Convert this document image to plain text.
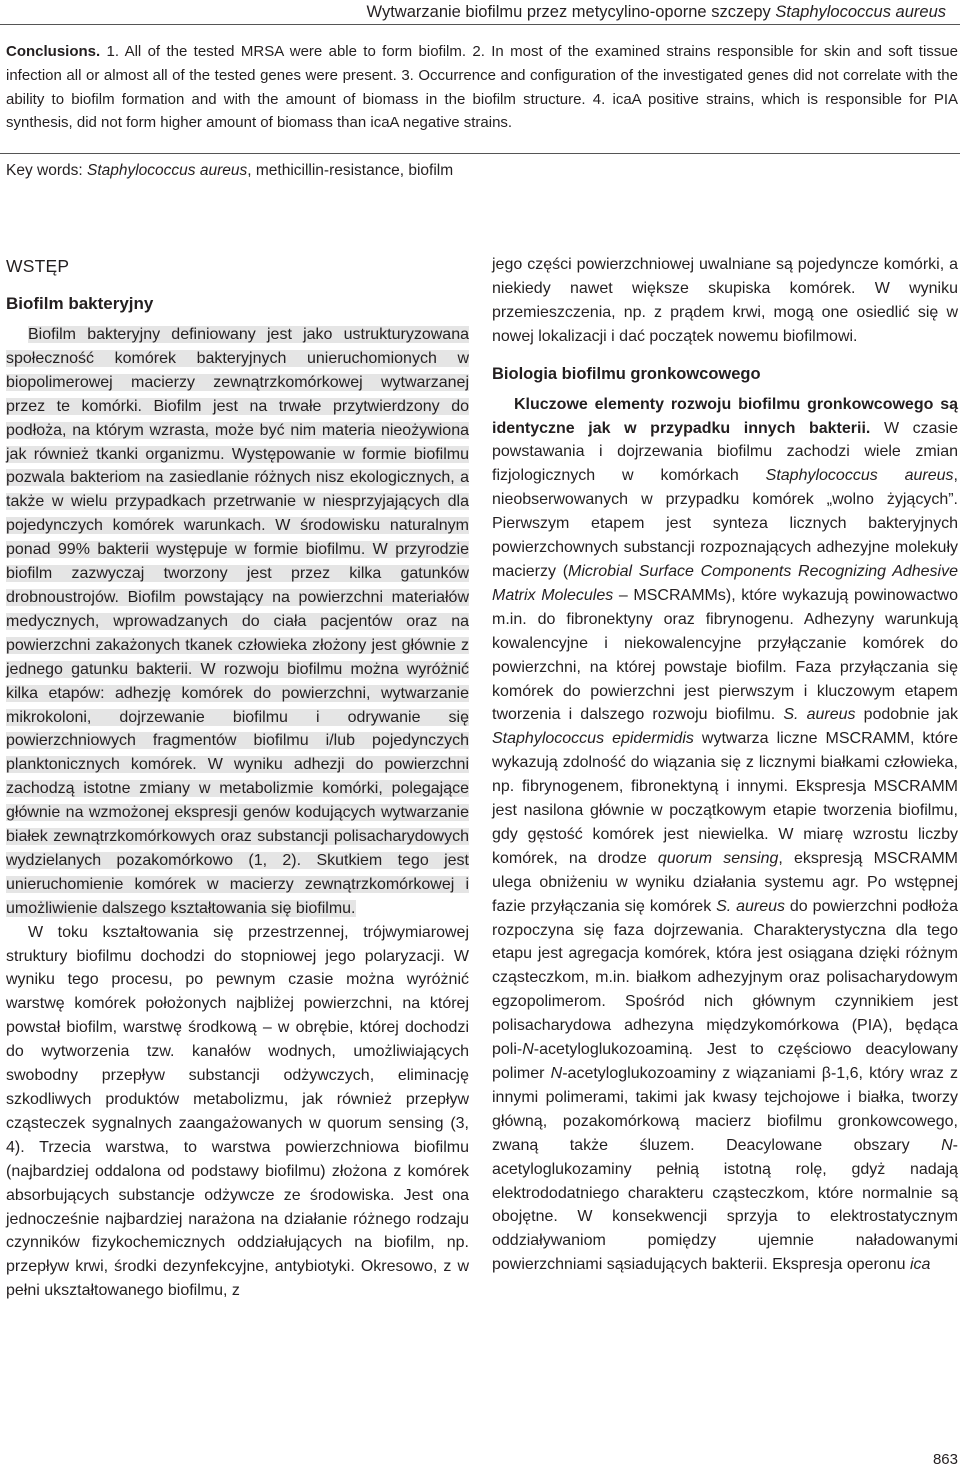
Wytwarzanie biofilmu przez metycylino-oporne szczepy Staphylococcus aureus
Conclusions. 1. All of the tested MRSA were able to form biofilm. 2. In most of the examined strains responsible for skin and soft tissue infection all or almost all of the tested genes were present. 3. Occurrence and configuration of the investigated genes did not correlate with the ability to biofilm formation and with the amount of biomass in the biofilm structure. 4. icaA positive strains, which is responsible for PIA synthesis, did not form higher amount of biomass than icaA negative strains.
Key words: Staphylococcus aureus, methicillin-resistance, biofilm
WSTĘP
Biofilm bakteryjny

Biofilm bakteryjny definiowany jest jako ustrukturyzowana społeczność komórek bakteryjnych unieruchomionych w biopolimerowej macierzy zewnątrzkomórkowej wytwarzanej przez te komórki. Biofilm jest na trwałe przytwierdzony do podłoża, na którym wzrasta, może być nim materia nieożywiona jak również tkanki organizmu. Występowanie w formie biofilmu pozwala bakteriom na zasiedlanie różnych nisz ekologicznych, a także w wielu przypadkach przetrwanie w niesprzyjających dla pojedynczych komórek warunkach. W środowisku naturalnym ponad 99% bakterii występuje w formie biofilmu. W przyrodzie biofilm zazwyczaj tworzony jest przez kilka gatunków drobnoustrojów. Biofilm powstający na powierzchni materiałów medycznych, wprowadzanych do ciała pacjentów oraz na powierzchni zakażonych tkanek człowieka złożony jest głównie z jednego gatunku bakterii. W rozwoju biofilmu można wyróżnić kilka etapów: adhezję komórek do powierzchni, wytwarzanie mikrokoloni, dojrzewanie biofilmu i odrywanie się powierzchniowych fragmentów biofilmu i/lub pojedynczych planktonicznych komórek. W wyniku adhezji do powierzchni zachodzą istotne zmiany w metabolizmie komórki, polegające głównie na wzmożonej ekspresji genów kodujących wytwarzanie białek zewnątrzkomórkowych oraz substancji polisacharydowych wydzielanych pozakomórkowo (1, 2). Skutkiem tego jest unieruchomienie komórek w macierzy zewnątrzkomórkowej i umożliwienie dalszego kształtowania się biofilmu.

W toku kształtowania się przestrzennej, trójwymiarowej struktury biofilmu dochodzi do stopniowej jego polaryzacji. W wyniku tego procesu, po pewnym czasie można wyróżnić warstwę komórek położonych najbliżej powierzchni, na której powstał biofilm, warstwę środkową – w obrębie, której dochodzi do wytworzenia tzw. kanałów wodnych, umożliwiających swobodny przepływ substancji odżywczych, eliminację szkodliwych produktów metabolizmu, jak również przepływ cząsteczek sygnalnych zaangażowanych w quorum sensing (3, 4). Trzecia warstwa, to warstwa powierzchniowa biofilmu (najbardziej oddalona od podstawy biofilmu) złożona z komórek absorbujących substancje odżywcze ze środowiska. Jest ona jednocześnie najbardziej narażona na działanie różnego rodzaju czynników fizykochemicznych oddziałujących na biofilm, np. przepływ krwi, środki dezynfekcyjne, antybiotyki. Okresowo, z w pełni ukształtowanego biofilmu, z

jego części powierzchniowej uwalniane są pojedyncze komórki, a niekiedy nawet większe skupiska komórek. W wyniku przemieszczenia, np. z prądem krwi, mogą one osiedlić się w nowej lokalizacji i dać początek nowemu biofilmowi.

Biologia biofilmu gronkowcowego

Kluczowe elementy rozwoju biofilmu gronkowcowego są identyczne jak w przypadku innych bakterii. W czasie powstawania i dojrzewania biofilmu zachodzi wiele zmian fizjologicznych w komórkach Staphylococcus aureus, nieobserwowanych w przypadku komórek „wolno żyjących”. Pierwszym etapem jest synteza licznych bakteryjnych powierzchownych substancji rozpoznających adhezyjne molekuły macierzy (Microbial Surface Components Recognizing Adhesive Matrix Molecules – MSCRAMMs), które wykazują powinowactwo m.in. do fibronektyny oraz fibrynogenu. Adhezyny warunkują kowalencyjne i niekowalencyjne przyłączanie komórek do powierzchni, na której powstaje biofilm. Faza przyłączania się komórek do powierzchni jest pierwszym i kluczowym etapem tworzenia i dalszego rozwoju biofilmu. S. aureus podobnie jak Staphylococcus epidermidis wytwarza liczne MSCRAMM, które wykazują zdolność do wiązania się z licznymi białkami człowieka, np. fibrynogenem, fibronektyną i innymi. Ekspresja MSCRAMM jest nasilona głównie w początkowym etapie tworzenia biofilmu, gdy gęstość komórek jest niewielka. W miarę wzrostu liczby komórek, na drodze quorum sensing, ekspresją MSCRAMM ulega obniżeniu w wyniku działania systemu agr. Po wstępnej fazie przyłączania się komórek S. aureus do powierzchni podłoża rozpoczyna się faza dojrzewania. Charakterystyczna dla tego etapu jest agregacja komórek, która jest osiągana dzięki różnym cząsteczkom, m.in. białkom adhezyjnym oraz polisacharydowym egzopolimerom. Spośród nich głównym czynnikiem jest polisacharydowa adhezyna międzykomórkowa (PIA), będąca poli-N-acetyloglukozoaminą. Jest to częściowo deacylowany polimer N-acetyloglukozoaminy z wiązaniami β-1,6, który wraz z innymi polimerami, takimi jak kwasy tejchojowe i białka, tworzy główną, pozakomórkową macierz biofilmu gronkowcowego, zwaną także śluzem. Deacylowane obszary N-acetyloglukozaminy pełnią istotną rolę, gdyż nadają elektrododatniego charakteru cząsteczkom, które normalnie są obojętne. W konsekwencji sprzyja to elektrostatycznym oddziaływaniom pomiędzy ujemnie naładowanymi powierzchniami sąsiadujących bakterii. Ekspresja operonu ica

863
